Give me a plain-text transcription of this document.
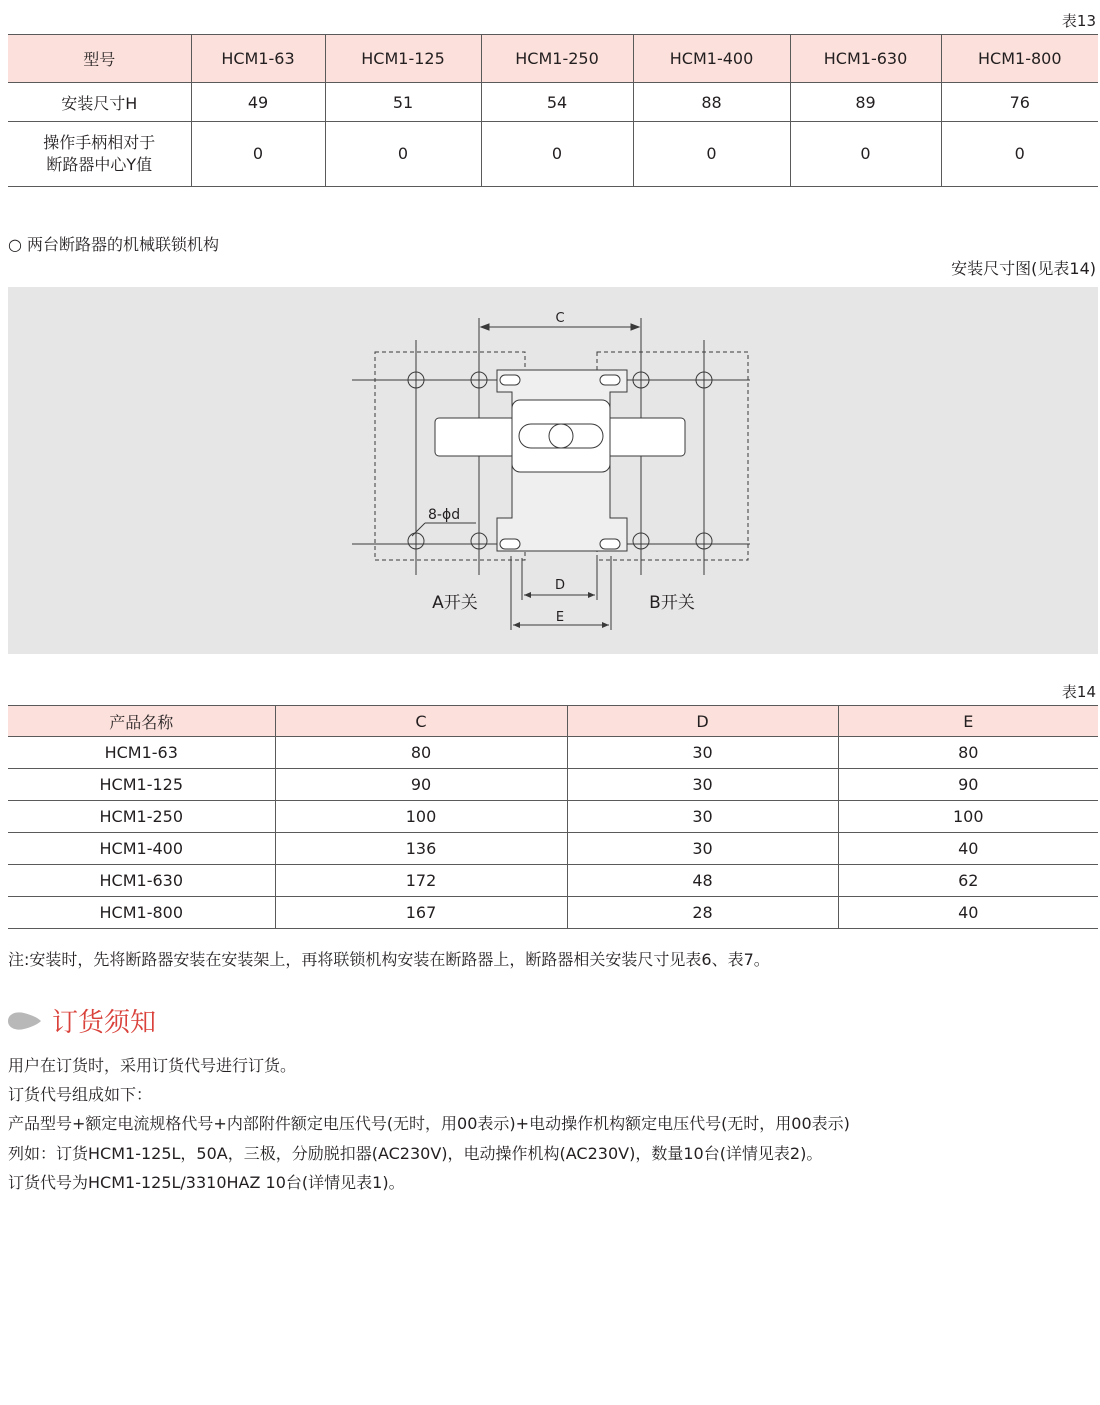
表13
型号	HCM1-63	HCM1-125	HCM1-250	HCM1-400	HCM1-630	HCM1-800
安装尺寸H	49	51	54	88	89	76

操作手柄相对于
断路器中心Y值	0	0	0	0	0	0
○ 两台断路器的机械联锁机构
安装尺寸图(见表14)
C
D
E
8-ϕd
A开关	B开关
表14
产品名称	C	D	E
HCM1-63	80	30	80
HCM1-125	90	30	90
HCM1-250	100	30	100
HCM1-400	136	30	40
HCM1-630	172	48	62
HCM1-800	167	28	40
注:安装时，先将断路器安装在安装架上，再将联锁机构安装在断路器上，断路器相关安装尺寸见表6、表7。
订货须知
用户在订货时，采用订货代号进行订货。
订货代号组成如下：
产品型号+额定电流规格代号+内部附件额定电压代号(无时，用00表示)+电动操作机构额定电压代号(无时，用00表示)
列如：订货HCM1-125L，50A，三极，分励脱扣器(AC230V)，电动操作机构(AC230V)，数量10台(详情见表2)。
订货代号为HCM1-125L/3310HAZ 10台(详情见表1)。
